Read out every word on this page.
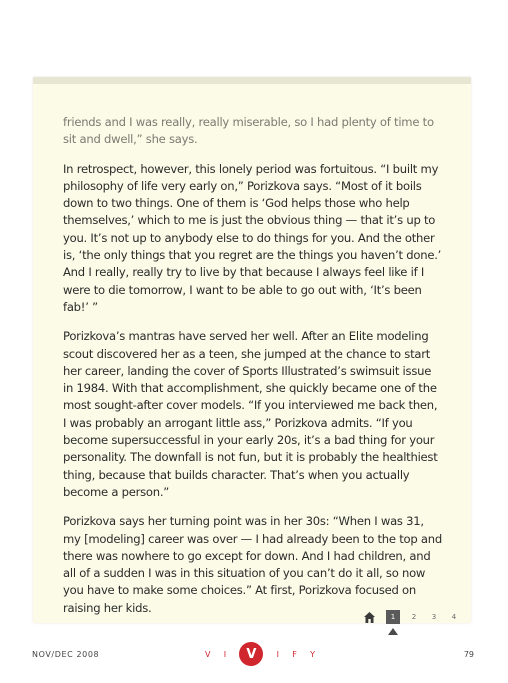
friends and I was really, really miserable, so I had plenty of time to sit and dwell,” she says.

In retrospect, however, this lonely period was fortuitous. “I built my philosophy of life very early on,” Porizkova says. “Most of it boils down to two things. One of them is ‘God helps those who help themselves,’ which to me is just the obvious thing — that it’s up to you. It’s not up to anybody else to do things for you. And the other is, ‘the only things that you regret are the things you haven’t done.’ And I really, really try to live by that because I always feel like if I were to die tomorrow, I want to be able to go out with, ‘It’s been fab!’ ”

Porizkova’s mantras have served her well. After an Elite modeling scout discovered her as a teen, she jumped at the chance to start her career, landing the cover of Sports Illustrated’s swimsuit issue in 1984. With that accomplishment, she quickly became one of the most sought-after cover models. “If you interviewed me back then, I was probably an arrogant little ass,” Porizkova admits. “If you become supersuccessful in your early 20s, it’s a bad thing for your personality. The downfall is not fun, but it is probably the healthiest thing, because that builds character. That’s when you actually become a person.”

Porizkova says her turning point was in her 30s: “When I was 31, my [modeling] career was over — I had already been to the top and there was nowhere to go except for down. And I had children, and all of a sudden I was in this situation of you can’t do it all, so now you have to make some choices.” At first, Porizkova focused on raising her kids.

1	2	3	4
NOV/DEC 2008	V I	V	I F Y	79
